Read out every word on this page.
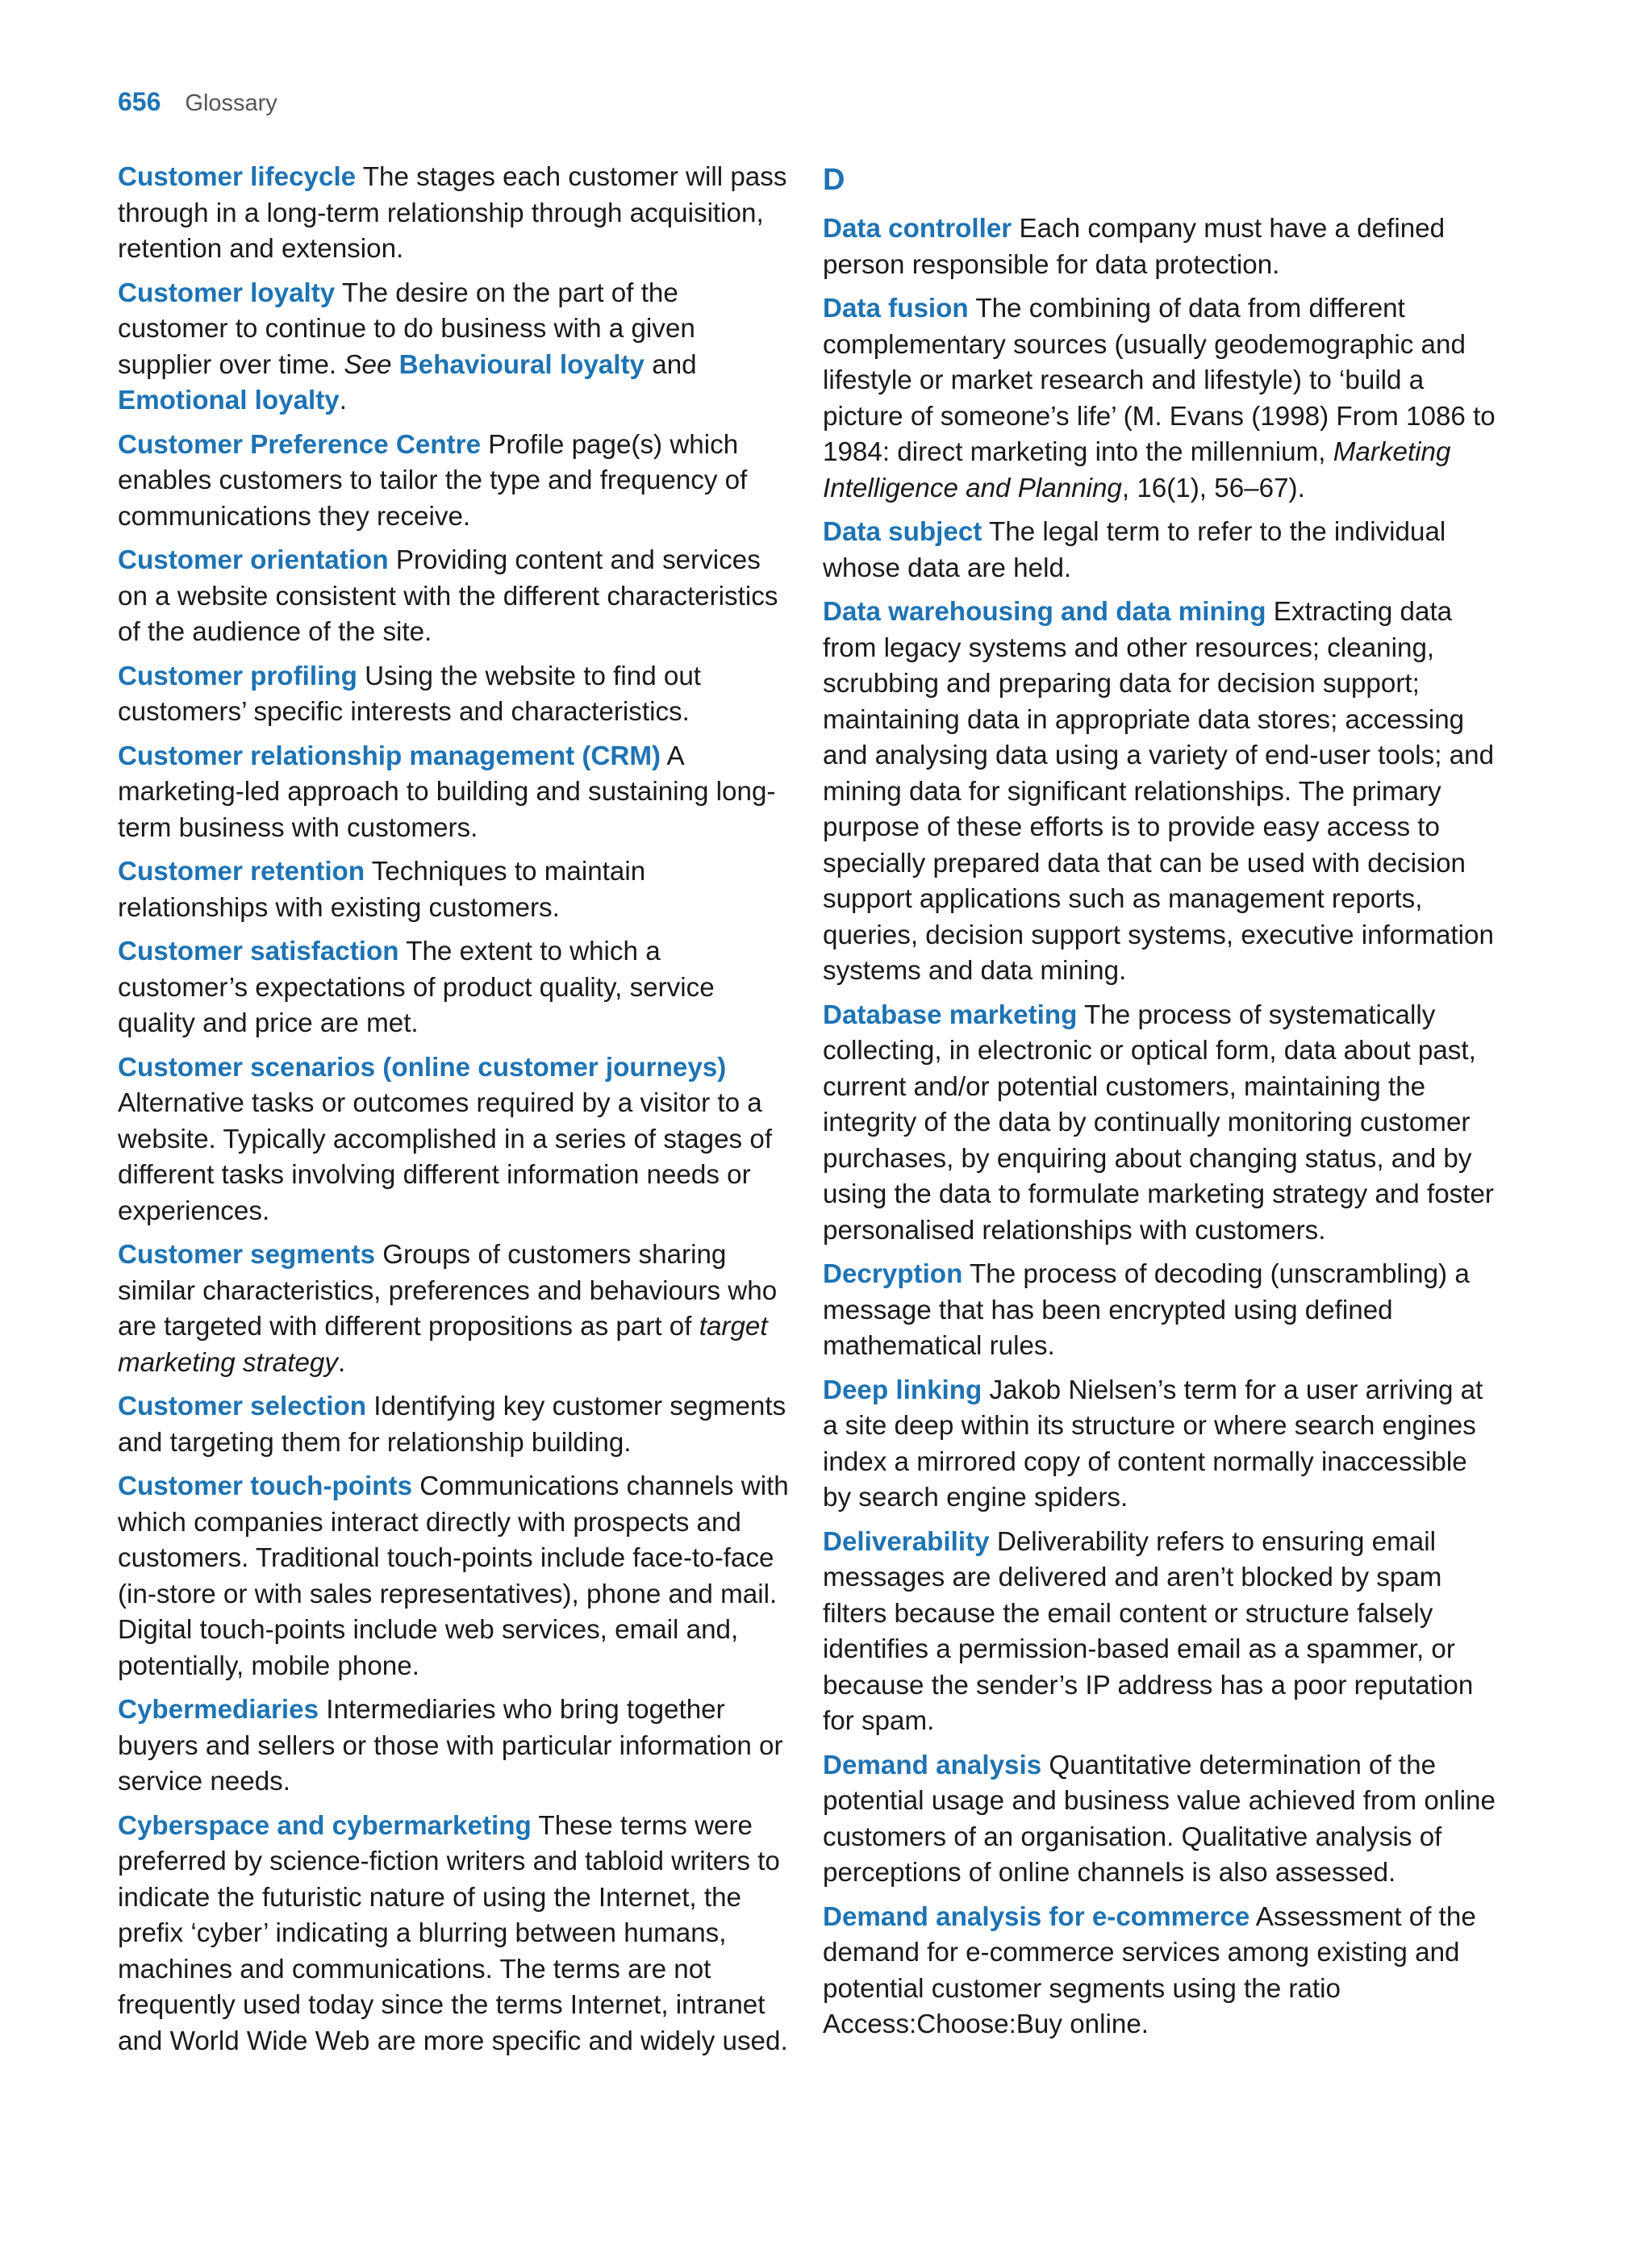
656 Glossary

Customer lifecycle The stages each customer will pass through in a long-term relationship through acquisition, retention and extension.

Customer loyalty The desire on the part of the customer to continue to do business with a given supplier over time. See Behavioural loyalty and Emotional loyalty.

Customer Preference Centre Profile page(s) which enables customers to tailor the type and frequency of communications they receive.

Customer orientation Providing content and services on a website consistent with the different characteristics of the audience of the site.

Customer profiling Using the website to find out customers’ specific interests and characteristics.

Customer relationship management (CRM) A marketing-led approach to building and sustaining long-term business with customers.

Customer retention Techniques to maintain relationships with existing customers.

Customer satisfaction The extent to which a customer’s expectations of product quality, service quality and price are met.

Customer scenarios (online customer journeys) Alternative tasks or outcomes required by a visitor to a website. Typically accomplished in a series of stages of different tasks involving different information needs or experiences.

Customer segments Groups of customers sharing similar characteristics, preferences and behaviours who are targeted with different propositions as part of target marketing strategy.

Customer selection Identifying key customer segments and targeting them for relationship building.

Customer touch-points Communications channels with which companies interact directly with prospects and customers. Traditional touch-points include face-to-face (in-store or with sales representatives), phone and mail. Digital touch-points include web services, email and, potentially, mobile phone.

Cybermediaries Intermediaries who bring together buyers and sellers or those with particular information or service needs.

Cyberspace and cybermarketing These terms were preferred by science-fiction writers and tabloid writers to indicate the futuristic nature of using the Internet, the prefix ‘cyber’ indicating a blurring between humans, machines and communications. The terms are not frequently used today since the terms Internet, intranet and World Wide Web are more specific and widely used.

D

Data controller Each company must have a defined person responsible for data protection.

Data fusion The combining of data from different complementary sources (usually geodemographic and lifestyle or market research and lifestyle) to ‘build a picture of someone’s life’ (M. Evans (1998) From 1086 to 1984: direct marketing into the millennium, Marketing Intelligence and Planning, 16(1), 56–67).

Data subject The legal term to refer to the individual whose data are held.

Data warehousing and data mining Extracting data from legacy systems and other resources; cleaning, scrubbing and preparing data for decision support; maintaining data in appropriate data stores; accessing and analysing data using a variety of end-user tools; and mining data for significant relationships. The primary purpose of these efforts is to provide easy access to specially prepared data that can be used with decision support applications such as management reports, queries, decision support systems, executive information systems and data mining.

Database marketing The process of systematically collecting, in electronic or optical form, data about past, current and/or potential customers, maintaining the integrity of the data by continually monitoring customer purchases, by enquiring about changing status, and by using the data to formulate marketing strategy and foster personalised relationships with customers.

Decryption The process of decoding (unscrambling) a message that has been encrypted using defined mathematical rules.

Deep linking Jakob Nielsen’s term for a user arriving at a site deep within its structure or where search engines index a mirrored copy of content normally inaccessible by search engine spiders.

Deliverability Deliverability refers to ensuring email messages are delivered and aren’t blocked by spam filters because the email content or structure falsely identifies a permission-based email as a spammer, or because the sender’s IP address has a poor reputation for spam.

Demand analysis Quantitative determination of the potential usage and business value achieved from online customers of an organisation. Qualitative analysis of perceptions of online channels is also assessed.

Demand analysis for e-commerce Assessment of the demand for e-commerce services among existing and potential customer segments using the ratio Access:Choose:Buy online.
